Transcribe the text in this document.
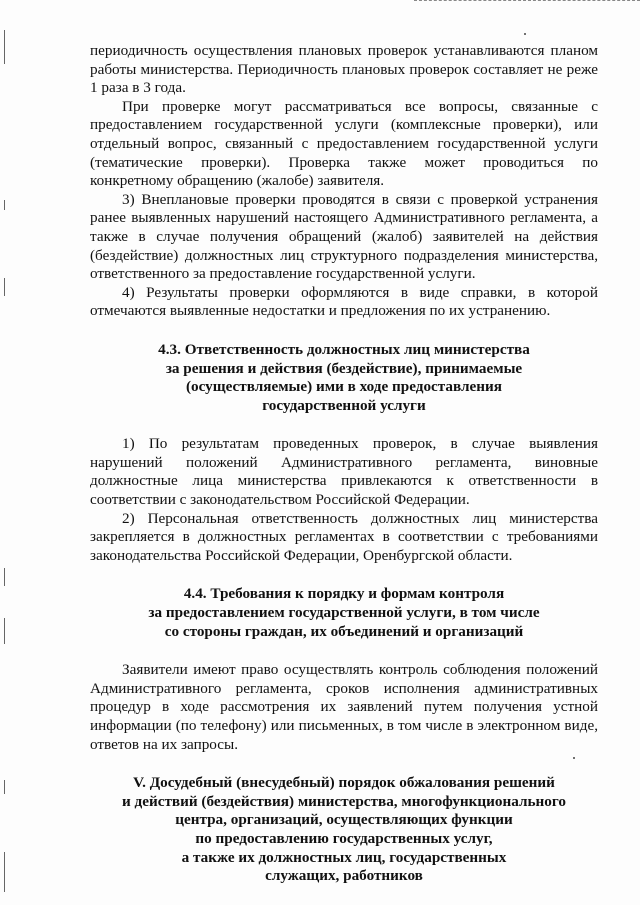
периодичность осуществления плановых проверок устанавливаются планом работы министерства. Периодичность плановых проверок составляет не реже 1 раза в 3 года.

При проверке могут рассматриваться все вопросы, связанные с предоставлением государственной услуги (комплексные проверки), или отдельный вопрос, связанный с предоставлением государственной услуги (тематические проверки). Проверка также может проводиться по конкретному обращению (жалобе) заявителя.

3) Внеплановые проверки проводятся в связи с проверкой устранения ранее выявленных нарушений настоящего Административного регламента, а также в случае получения обращений (жалоб) заявителей на действия (бездействие) должностных лиц структурного подразделения министерства, ответственного за предоставление государственной услуги.

4) Результаты проверки оформляются в виде справки, в которой отмечаются выявленные недостатки и предложения по их устранению.

4.3. Ответственность должностных лиц министерства
за решения и действия (бездействие), принимаемые
(осуществляемые) ими в ходе предоставления
государственной услуги

1) По результатам проведенных проверок, в случае выявления нарушений положений Административного регламента, виновные должностные лица министерства привлекаются к ответственности в соответствии с законодательством Российской Федерации.

2) Персональная ответственность должностных лиц министерства закрепляется в должностных регламентах в соответствии с требованиями законодательства Российской Федерации, Оренбургской области.

4.4. Требования к порядку и формам контроля
за предоставлением государственной услуги, в том числе
со стороны граждан, их объединений и организаций

Заявители имеют право осуществлять контроль соблюдения положений Административного регламента, сроков исполнения административных процедур в ходе рассмотрения их заявлений путем получения устной информации (по телефону) или письменных, в том числе в электронном виде, ответов на их запросы.

V. Досудебный (внесудебный) порядок обжалования решений
и действий (бездействия) министерства, многофункционального
центра, организаций, осуществляющих функции
по предоставлению государственных услуг,
а также их должностных лиц, государственных
служащих, работников
